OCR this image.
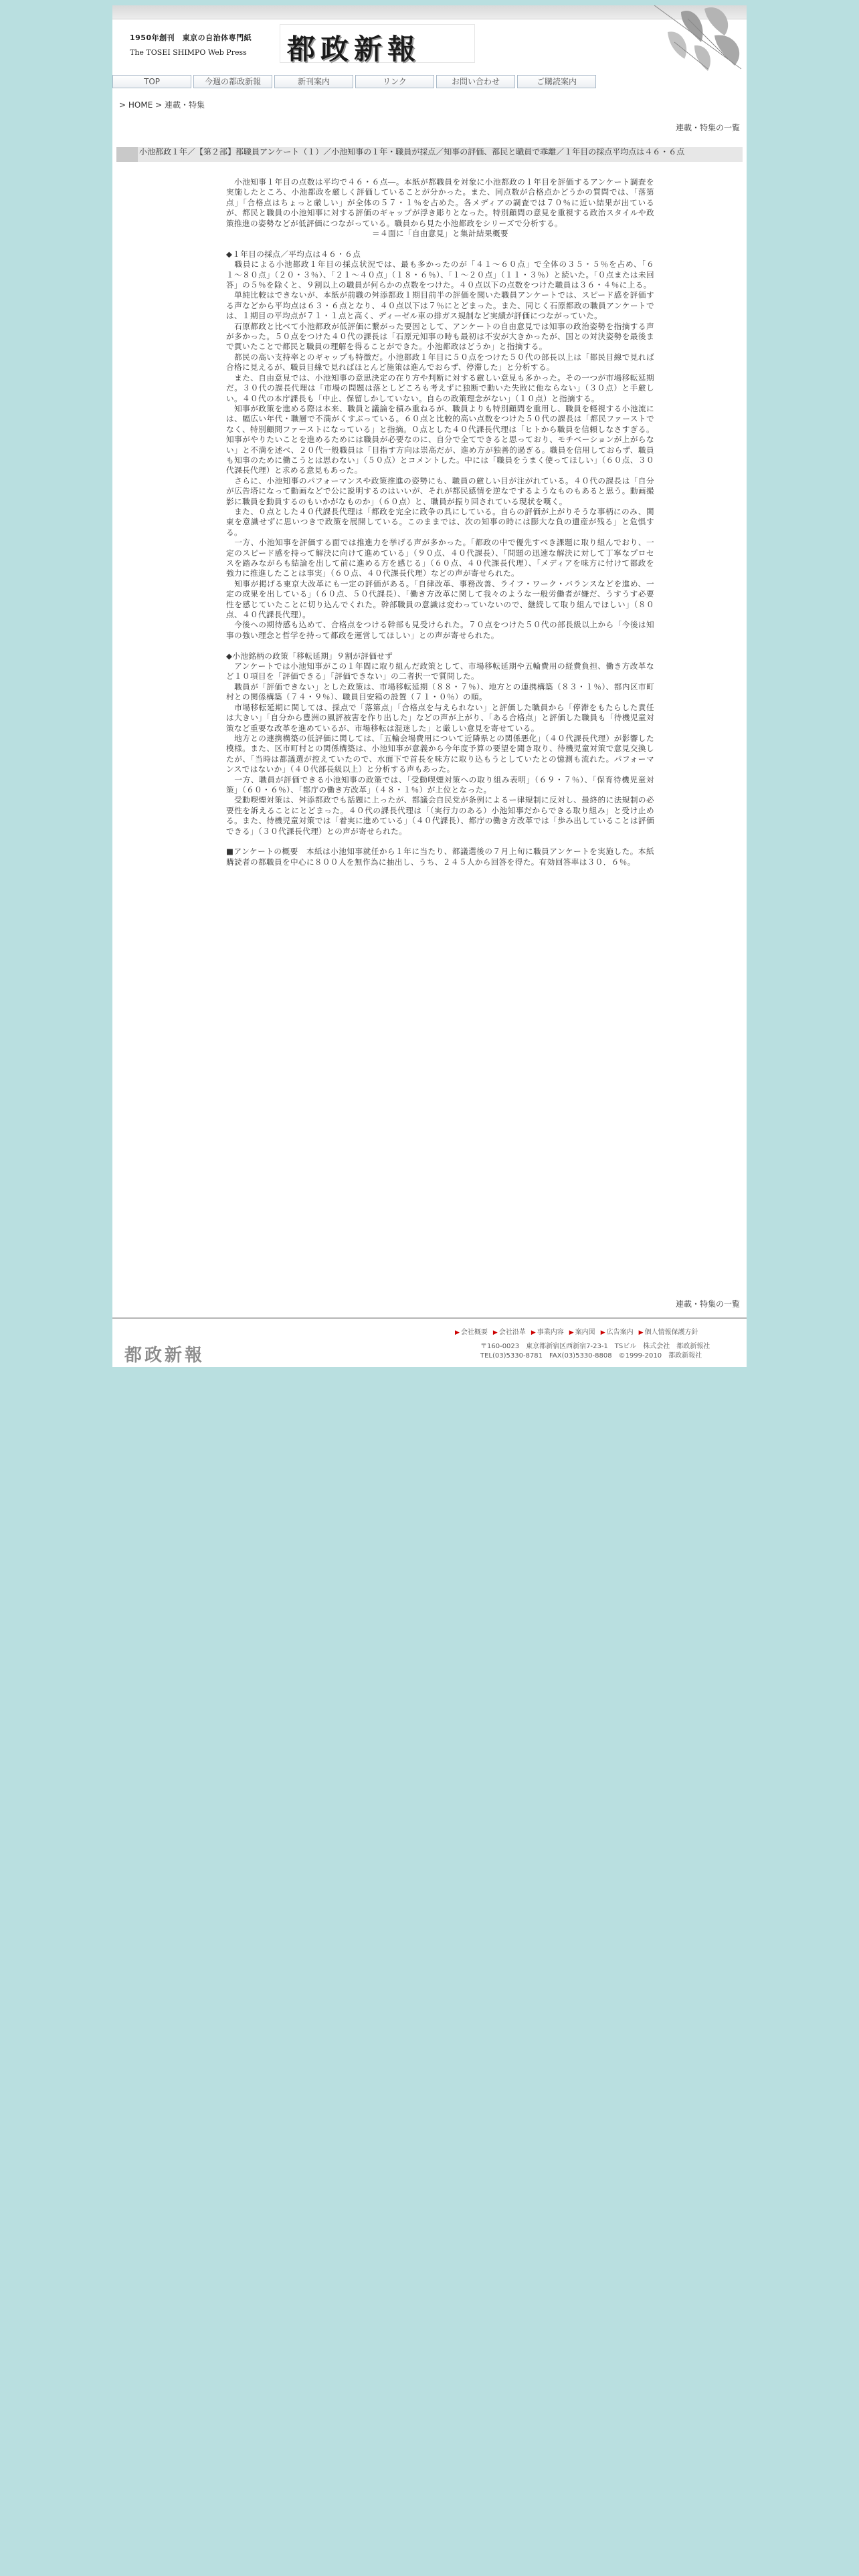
1950年創刊　東京の自治体専門紙
The TOSEI SHIMPO Web Press 都政新報
TOP	今週の都政新報	新刊案内	リンク	お問い合わせ	ご購読案内
> HOME > 連載・特集
連載・特集の一覧
小池都政１年／【第２部】都職員アンケート（１）／小池知事の１年・職員が採点／知事の評価、都民と職員で乖離／１年目の採点平均点は４６・６点

　小池知事１年目の点数は平均で４６・６点―。本紙が都職員を対象に小池都政の１年目を評価するアンケート調査を実施したところ、小池都政を厳しく評価していることが分かった。また、同点数が合格点かどうかの質問では、「落第点」「合格点はちょっと厳しい」が全体の５７・１％を占めた。各メディアの調査では７０％に近い結果が出ているが、都民と職員の小池知事に対する評価のギャップが浮き彫りとなった。特別顧問の意見を重視する政治スタイルや政策推進の姿勢などが低評価につながっている。職員から見た小池都政をシリーズで分析する。

＝４面に「自由意見」と集計結果概要

◆１年目の採点／平均点は４６・６点

　職員による小池都政１年目の採点状況では、最も多かったのが「４１〜６０点」で全体の３５・５％を占め、「６１〜８０点」（２０・３％）、「２１〜４０点」（１８・６％）、「１〜２０点」（１１・３％）と続いた。「０点または未回答」の５％を除くと、９割以上の職員が何らかの点数をつけた。４０点以下の点数をつけた職員は３６・４％に上る。

　単純比較はできないが、本紙が前職の舛添都政１期目前半の評価を聞いた職員アンケートでは、スピード感を評価する声などから平均点は６３・６点となり、４０点以下は７％にとどまった。また、同じく石原都政の職員アンケートでは、１期目の平均点が７１・１点と高く、ディーゼル車の排ガス規制など実績が評価につながっていた。

　石原都政と比べて小池都政が低評価に繋がった要因として、アンケートの自由意見では知事の政治姿勢を指摘する声が多かった。５０点をつけた４０代の課長は「石原元知事の時も最初は不安が大きかったが、国との対決姿勢を最後まで貫いたことで都民と職員の理解を得ることができた。小池都政はどうか」と指摘する。

　都民の高い支持率とのギャップも特徴だ。小池都政１年目に５０点をつけた５０代の部長以上は「都民目線で見れば合格に見えるが、職員目線で見ればほとんど施策は進んでおらず、停滞した」と分析する。

　また、自由意見では、小池知事の意思決定の在り方や判断に対する厳しい意見も多かった。その一つが市場移転延期だ。３０代の課長代理は「市場の問題は落としどころも考えずに独断で動いた失敗に他ならない」（３０点）と手厳しい。４０代の本庁課長も「中止、保留しかしていない。自らの政策理念がない」（１０点）と指摘する。

　知事が政策を進める際は本来、職員と議論を積み重ねるが、職員よりも特別顧問を重用し、職員を軽視する小池流には、幅広い年代・職層で不満がくすぶっている。６０点と比較的高い点数をつけた５０代の課長は「都民ファーストでなく、特別顧問ファーストになっている」と指摘。０点とした４０代課長代理は「ヒトから職員を信頼しなさすぎる。知事がやりたいことを進めるためには職員が必要なのに、自分で全てできると思っており、モチベーションが上がらない」と不満を述べ、２０代一般職員は「目指す方向は崇高だが、進め方が独善的過ぎる。職員を信用しておらず、職員も知事のために働こうとは思わない」（５０点）とコメントした。中には「職員をうまく使ってほしい」（６０点、３０代課長代理）と求める意見もあった。

　さらに、小池知事のパフォーマンスや政策推進の姿勢にも、職員の厳しい目が注がれている。４０代の課長は「自分が広告塔になって動画などで公に説明するのはいいが、それが都民感情を逆なでするようなものもあると思う。動画撮影に職員を動員するのもいかがなものか」（６０点）と、職員が振り回されている現状を嘆く。

　また、０点とした４０代課長代理は「都政を完全に政争の具にしている。自らの評価が上がりそうな事柄にのみ、関東を意識せずに思いつきで政策を展開している。このままでは、次の知事の時には膨大な負の遺産が残る」と危惧する。

　一方、小池知事を評価する面では推進力を挙げる声が多かった。「都政の中で優先すべき課題に取り組んでおり、一定のスピード感を持って解決に向けて進めている」（９０点、４０代課長）、「問題の迅速な解決に対して丁寧なプロセスを踏みながらも結論を出して前に進める方を感じる」（６０点、４０代課長代理）、「メディアを味方に付けて都政を強力に推進したことは事実」（６０点、４０代課長代理）などの声が寄せられた。

　知事が掲げる東京大改革にも一定の評価がある。「自律改革、事務改善、ライフ・ワーク・バランスなどを進め、一定の成果を出している」（６０点、５０代課長）、「働き方改革に関して我々のような一般労働者が嫌だ、うすうす必要性を感じていたことに切り込んでくれた。幹部職員の意識は変わっていないので、継続して取り組んでほしい」（８０点、４０代課長代理）。

　今後への期待感も込めて、合格点をつける幹部も見受けられた。７０点をつけた５０代の部長級以上から「今後は知事の強い理念と哲学を持って都政を運営してほしい」との声が寄せられた。

◆小池銘柄の政策「移転延期」９割が評価せず

　アンケートでは小池知事がこの１年間に取り組んだ政策として、市場移転延期や五輪費用の経費負担、働き方改革など１０項目を「評価できる」「評価できない」の二者択一で質問した。

　職員が「評価できない」とした政策は、市場移転延期（８８・７％）、地方との連携構築（８３・１％）、都内区市町村との関係構築（７４・９％）、職員目安箱の設置（７１・０％）の順。

　市場移転延期に関しては、採点で「落第点」「合格点を与えられない」と評価した職員から「停滞をもたらした責任は大きい」「自分から豊洲の風評被害を作り出した」などの声が上がり、「ある合格点」と評価した職員も「待機児童対策など重要な改革を進めているが、市場移転は混迷した」と厳しい意見を寄せている。

　地方との連携構築の低評価に関しては、「五輪会場費用について近隣県との関係悪化」（４０代課長代理）が影響した模様。また、区市町村との関係構築は、小池知事が意義から今年度予算の要望を聞き取り、待機児童対策で意見交換したが、「当時は都議選が控えていたので、水面下で首長を味方に取り込もうとしていたとの憶測も流れた。パフォーマンスではないか」（４０代部長級以上）と分析する声もあった。

　一方、職員が評価できる小池知事の政策では、「受動喫煙対策への取り組み表明」（６９・７％）、「保育待機児童対策」（６０・６％）、「都庁の働き方改革」（４８・１％）が上位となった。

　受動喫煙対策は、舛添都政でも話題に上ったが、都議会自民党が条例によるー律規制に反対し、最終的に法規制の必要性を訴えることにとどまった。４０代の課長代理は「（実行力のある）小池知事だからできる取り組み」と受け止める。また、待機児童対策では「着実に進めている」（４０代課長）、都庁の働き方改革では「歩み出していることは評価できる」（３０代課長代理）との声が寄せられた。

■アンケートの概要　本紙は小池知事就任から１年に当たり、都議選後の７月上旬に職員アンケートを実施した。本紙購読者の都職員を中心に８００人を無作為に抽出し、うち、２４５人から回答を得た。有効回答率は３０．６％。

連載・特集の一覧
▶ 会社概要 ▶ 会社沿革 ▶ 事業内容 ▶ 案内図 ▶ 広告案内 ▶ 個人情報保護方針
都政新報	〒160-0023　東京都新宿区西新宿7-23-1　TSビル　株式会社　都政新報社
TEL(03)5330-8781　FAX(03)5330-8808　©1999-2010　都政新報社
